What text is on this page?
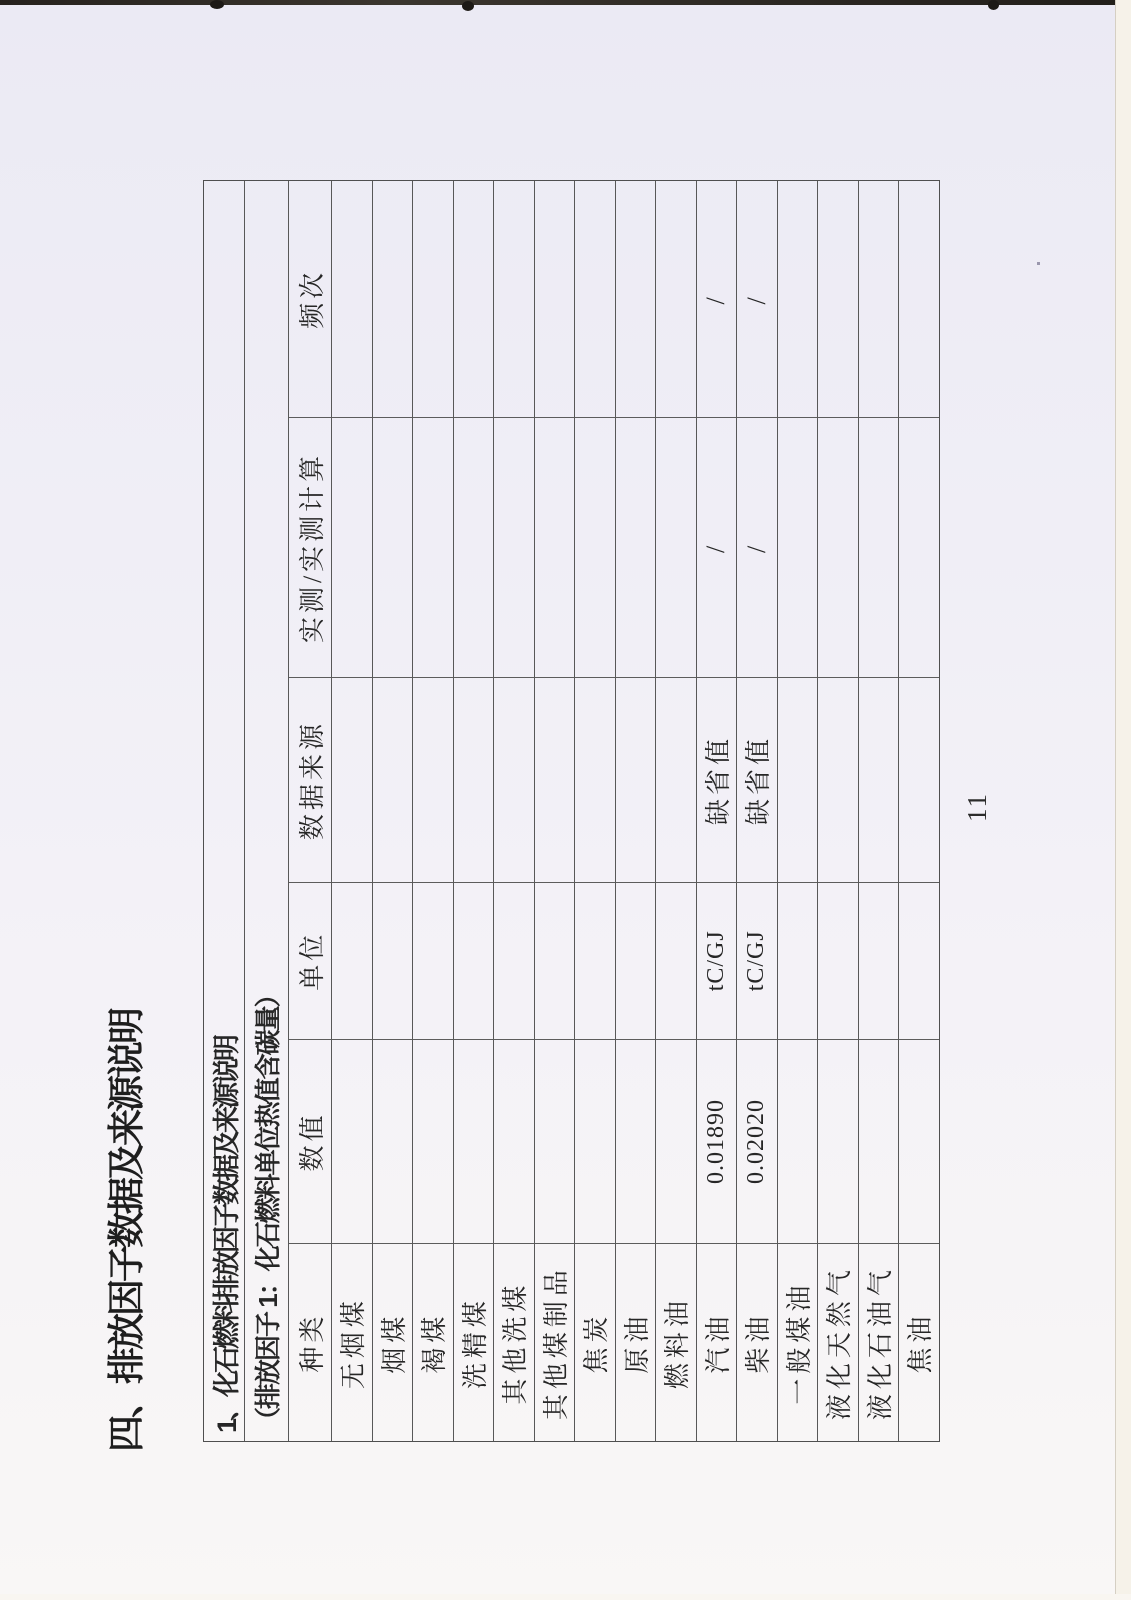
四、排放因子数据及来源说明 1、化石燃料排放因子数据及来源说明 （排放因子 1：化石燃料单位热值含碳量） 种类
数值
单位
数据来源
实测/实测计算
频次
无烟煤 烟煤 褐煤 洗精煤 其他洗煤 其他煤制品 焦炭 原油 燃料油 汽油
0.01890
tC/GJ
缺省值
/
/
柴油
0.02020
tC/GJ
缺省值
/
/
一般煤油 液化天然气 液化石油气 焦油
11
